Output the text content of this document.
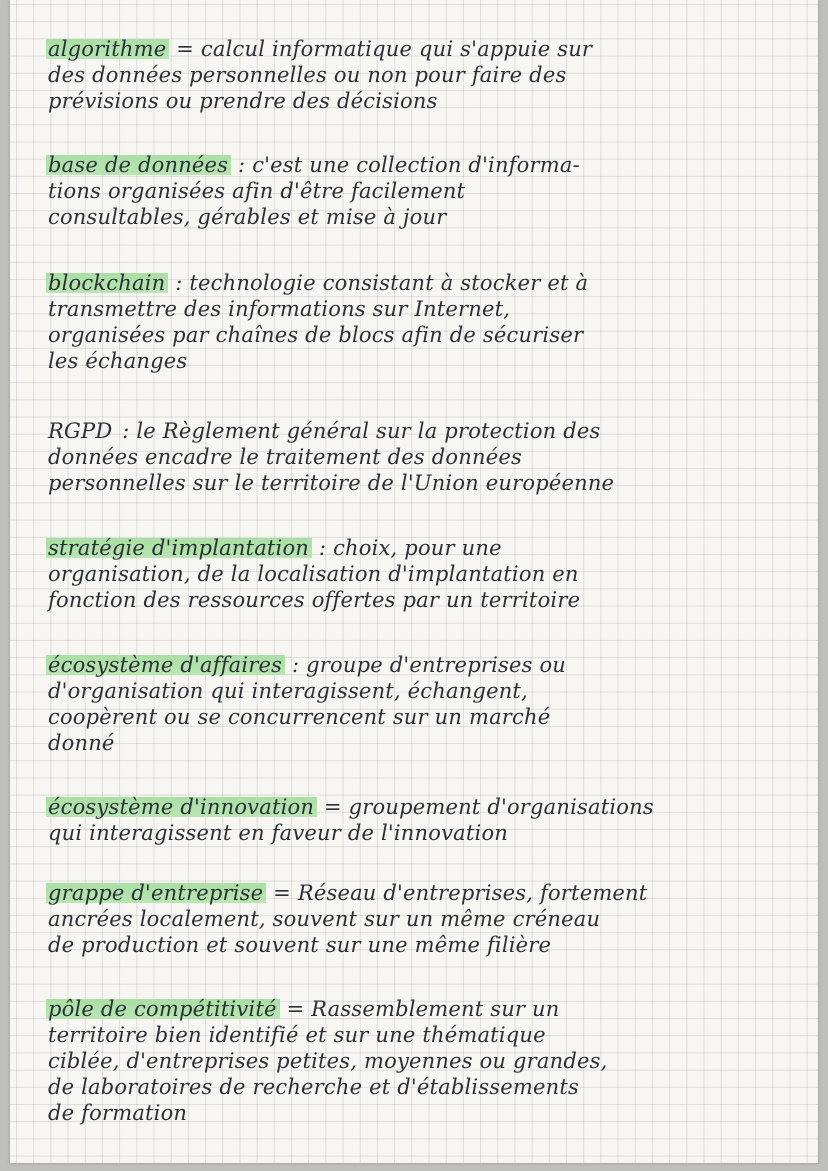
algorithme = calcul informatique qui s'appuie sur
des données personnelles ou non pour faire des
prévisions ou prendre des décisions
base de données : c'est une collection d'informa-
tions organisées afin d'être facilement
consultables, gérables et mise à jour
blockchain : technologie consistant à stocker et à
transmettre des informations sur Internet,
organisées par chaînes de blocs afin de sécuriser
les échanges
RGPD : le Règlement général sur la protection des
données encadre le traitement des données
personnelles sur le territoire de l'Union européenne
stratégie d'implantation : choix, pour une
organisation, de la localisation d'implantation en
fonction des ressources offertes par un territoire
écosystème d'affaires : groupe d'entreprises ou
d'organisation qui interagissent, échangent,
coopèrent ou se concurrencent sur un marché
donné
écosystème d'innovation = groupement d'organisations
qui interagissent en faveur de l'innovation
grappe d'entreprise = Réseau d'entreprises, fortement
ancrées localement, souvent sur un même créneau
de production et souvent sur une même filière
pôle de compétitivité = Rassemblement sur un
territoire bien identifié et sur une thématique
ciblée, d'entreprises petites, moyennes ou grandes,
de laboratoires de recherche et d'établissements
de formation
